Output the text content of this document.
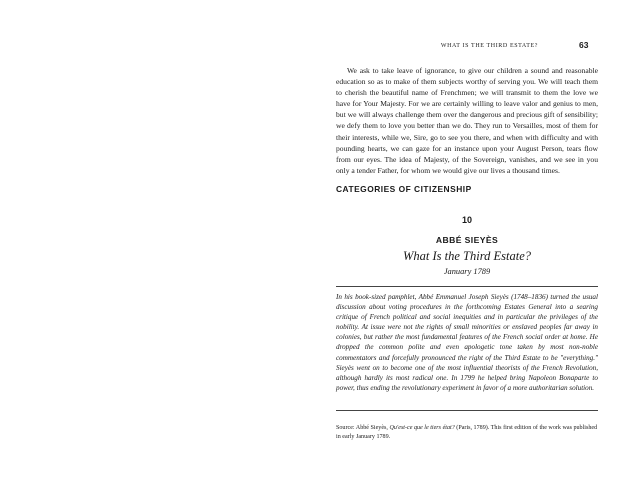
WHAT IS THE THIRD ESTATE?	63

We ask to take leave of ignorance, to give our children a sound and reasonable education so as to make of them subjects worthy of serving you. We will teach them to cherish the beautiful name of Frenchmen; we will transmit to them the love we have for Your Majesty. For we are certainly willing to leave valor and genius to men, but we will always challenge them over the dangerous and precious gift of sensibility; we defy them to love you better than we do. They run to Versailles, most of them for their interests, while we, Sire, go to see you there, and when with difficulty and with pounding hearts, we can gaze for an instance upon your August Person, tears flow from our eyes. The idea of Majesty, of the Sovereign, vanishes, and we see in you only a tender Father, for whom we would give our lives a thousand times.

CATEGORIES OF CITIZENSHIP
10
ABBÉ SIEYÈS
What Is the Third Estate?
January 1789

In his book-sized pamphlet, Abbé Emmanuel Joseph Sieyès (1748–1836) turned the usual discussion about voting procedures in the forthcoming Estates General into a searing critique of French political and social inequities and in particular the privileges of the nobility. At issue were not the rights of small minorities or enslaved peoples far away in colonies, but rather the most fundamental features of the French social order at home. He dropped the common polite and even apologetic tone taken by most non-noble commentators and forcefully pronounced the right of the Third Estate to be "everything." Sieyès went on to become one of the most influential theorists of the French Revolution, although hardly its most radical one. In 1799 he helped bring Napoleon Bonaparte to power, thus ending the revolutionary experiment in favor of a more authoritarian solution.

Source: Abbé Sieyès, Qu'est-ce que le tiers état? (Paris, 1789). This first edition of the work was published in early January 1789.
